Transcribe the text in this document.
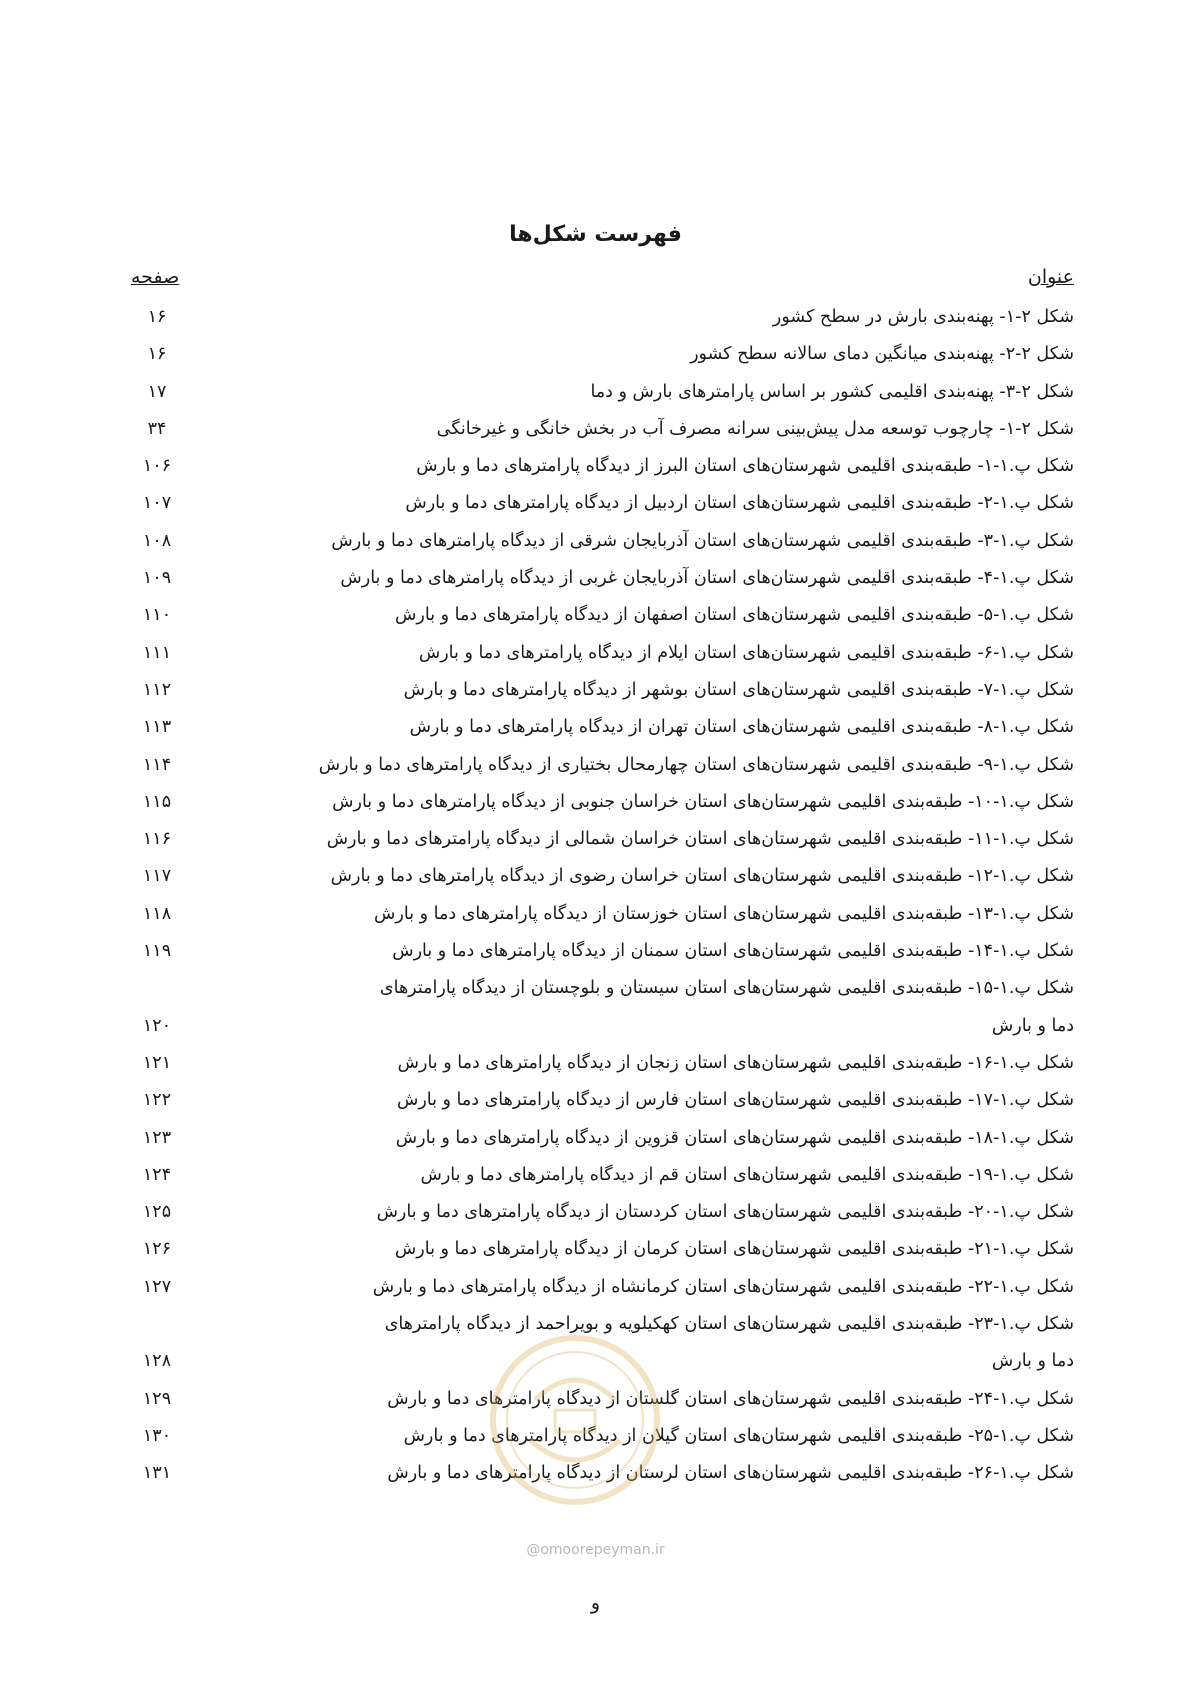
فهرست شکل‌ها
عنوان
صفحه
شکل ۲-۱- پهنه‌بندی بارش در سطح کشور
۱۶
شکل ۲-۲- پهنه‌بندی میانگین دمای سالانه سطح کشور
۱۶
شکل ۲-۳- پهنه‌بندی اقلیمی کشور بر اساس پارامترهای بارش و دما
۱۷
شکل ۲-۱- چارچوب توسعه مدل پیش‌بینی سرانه مصرف آب در بخش خانگی و غیرخانگی
۳۴
شکل پ.۱-۱- طبقه‌بندی اقلیمی شهرستان‌های استان البرز از دیدگاه پارامترهای دما و بارش
۱۰۶
شکل پ.۱-۲- طبقه‌بندی اقلیمی شهرستان‌های استان اردبیل از دیدگاه پارامترهای دما و بارش
۱۰۷
شکل پ.۱-۳- طبقه‌بندی اقلیمی شهرستان‌های استان آذربایجان شرقی از دیدگاه پارامترهای دما و بارش
۱۰۸
شکل پ.۱-۴- طبقه‌بندی اقلیمی شهرستان‌های استان آذربایجان غربی از دیدگاه پارامترهای دما و بارش
۱۰۹
شکل پ.۱-۵- طبقه‌بندی اقلیمی شهرستان‌های استان اصفهان از دیدگاه پارامترهای دما و بارش
۱۱۰
شکل پ.۱-۶- طبقه‌بندی اقلیمی شهرستان‌های استان ایلام از دیدگاه پارامترهای دما و بارش
۱۱۱
شکل پ.۱-۷- طبقه‌بندی اقلیمی شهرستان‌های استان بوشهر از دیدگاه پارامترهای دما و بارش
۱۱۲
شکل پ.۱-۸- طبقه‌بندی اقلیمی شهرستان‌های استان تهران از دیدگاه پارامترهای دما و بارش
۱۱۳
شکل پ.۱-۹- طبقه‌بندی اقلیمی شهرستان‌های استان چهارمحال بختیاری از دیدگاه پارامترهای دما و بارش
۱۱۴
شکل پ.۱-۱۰- طبقه‌بندی اقلیمی شهرستان‌های استان خراسان جنوبی از دیدگاه پارامترهای دما و بارش
۱۱۵
شکل پ.۱-۱۱- طبقه‌بندی اقلیمی شهرستان‌های استان خراسان شمالی از دیدگاه پارامترهای دما و بارش
۱۱۶
شکل پ.۱-۱۲- طبقه‌بندی اقلیمی شهرستان‌های استان خراسان رضوی از دیدگاه پارامترهای دما و بارش
۱۱۷
شکل پ.۱-۱۳- طبقه‌بندی اقلیمی شهرستان‌های استان خوزستان از دیدگاه پارامترهای دما و بارش
۱۱۸
شکل پ.۱-۱۴- طبقه‌بندی اقلیمی شهرستان‌های استان سمنان از دیدگاه پارامترهای دما و بارش
۱۱۹
شکل پ.۱-۱۵- طبقه‌بندی اقلیمی شهرستان‌های استان سیستان و بلوچستان از دیدگاه پارامترهای
دما و بارش
۱۲۰
شکل پ.۱-۱۶- طبقه‌بندی اقلیمی شهرستان‌های استان زنجان از دیدگاه پارامترهای دما و بارش
۱۲۱
شکل پ.۱-۱۷- طبقه‌بندی اقلیمی شهرستان‌های استان فارس از دیدگاه پارامترهای دما و بارش
۱۲۲
شکل پ.۱-۱۸- طبقه‌بندی اقلیمی شهرستان‌های استان قزوین از دیدگاه پارامترهای دما و بارش
۱۲۳
شکل پ.۱-۱۹- طبقه‌بندی اقلیمی شهرستان‌های استان قم از دیدگاه پارامترهای دما و بارش
۱۲۴
شکل پ.۱-۲۰- طبقه‌بندی اقلیمی شهرستان‌های استان کردستان از دیدگاه پارامترهای دما و بارش
۱۲۵
شکل پ.۱-۲۱- طبقه‌بندی اقلیمی شهرستان‌های استان کرمان از دیدگاه پارامترهای دما و بارش
۱۲۶
شکل پ.۱-۲۲- طبقه‌بندی اقلیمی شهرستان‌های استان کرمانشاه از دیدگاه پارامترهای دما و بارش
۱۲۷
شکل پ.۱-۲۳- طبقه‌بندی اقلیمی شهرستان‌های استان کهکیلویه و بویراحمد از دیدگاه پارامترهای
دما و بارش
۱۲۸
شکل پ.۱-۲۴- طبقه‌بندی اقلیمی شهرستان‌های استان گلستان از دیدگاه پارامترهای دما و بارش
۱۲۹
شکل پ.۱-۲۵- طبقه‌بندی اقلیمی شهرستان‌های استان گیلان از دیدگاه پارامترهای دما و بارش
۱۳۰
شکل پ.۱-۲۶- طبقه‌بندی اقلیمی شهرستان‌های استان لرستان از دیدگاه پارامترهای دما و بارش
۱۳۱
@omoorepeyman.ir
و
